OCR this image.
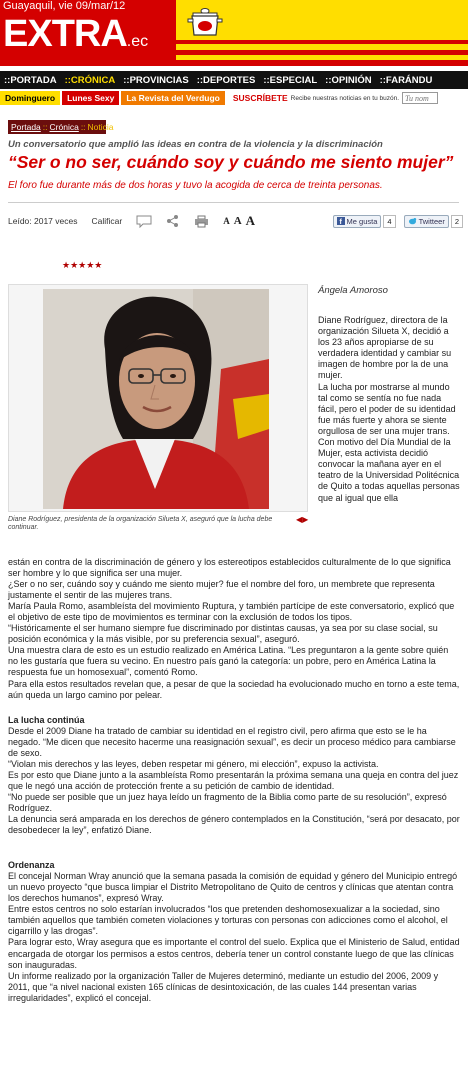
Guayaquil, vie 09/mar/12
EXTRA.ec
::PORTADA ::CRÓNICA ::PROVINCIAS ::DEPORTES ::ESPECIAL ::OPINIÓN ::FARÁNDU
Dominguero	Lunes Sexy	La Revista del Verdugo	SUSCRÍBETE Recibe nuestras noticias en tu buzón.
Tu nom
Portada :: Crónica :: Noticia
Un conversatorio que amplió las ideas en contra de la violencia y la discriminación
“Ser o no ser, cuándo soy y cuándo me siento mujer”
El foro fue durante más de dos horas y tuvo la acogida de cerca de treinta personas.
Leído: 2017 veces Calificar	A A A	f Me gusta	4	Twitteer	2
★★★★★
Diane Rodríguez, presidenta de la organización Silueta X, aseguró que la lucha debe continuar.
◀▶
Ángela Amoroso

Diane Rodríguez, directora de la organización Silueta X, decidió a los 23 años apropiarse de su verdadera identidad y cambiar su imagen de hombre por la de una mujer.

La lucha por mostrarse al mundo tal como se sentía no fue nada fácil, pero el poder de su identidad fue más fuerte y ahora se siente orgullosa de ser una mujer trans.

Con motivo del Día Mundial de la Mujer, esta activista decidió convocar la mañana ayer en el teatro de la Universidad Politécnica de Quito a todas aquellas personas que al igual que ella

están en contra de la discriminación de género y los estereotipos establecidos culturalmente de lo que significa ser hombre y lo que significa ser una mujer.

¿Ser o no ser, cuándo soy y cuándo me siento mujer? fue el nombre del foro, un membrete que representa justamente el sentir de las mujeres trans.

María Paula Romo, asambleísta del movimiento Ruptura, y también partícipe de este conversatorio, explicó que el objetivo de este tipo de movimientos es terminar con la exclusión de todos los tipos.

“Históricamente el ser humano siempre fue discriminado por distintas causas, ya sea por su clase social, su posición económica y la más visible, por su preferencia sexual”, aseguró.

Una muestra clara de esto es un estudio realizado en América Latina. “Les preguntaron a la gente sobre quién no les gustaría que fuera su vecino. En nuestro país ganó la categoría: un pobre, pero en América Latina la respuesta fue un homosexual”, comentó Romo.

Para ella estos resultados revelan que, a pesar de que la sociedad ha evolucionado mucho en torno a este tema, aún queda un largo camino por pelear.

La lucha continúa

Desde el 2009 Diane ha tratado de cambiar su identidad en el registro civil, pero afirma que esto se le ha negado. “Me dicen que necesito hacerme una reasignación sexual”, es decir un proceso médico para cambiarse de sexo.

“Violan mis derechos y las leyes, deben respetar mi género, mi elección”, expuso la activista.

Es por esto que Diane junto a la asambleísta Romo presentarán la próxima semana una queja en contra del juez que le negó una acción de protección frente a su petición de cambio de identidad.

“No puede ser posible que un juez haya leído un fragmento de la Biblia como parte de su resolución”, expresó Rodríguez.

La denuncia será amparada en los derechos de género contemplados en la Constitución, “será por desacato, por desobedecer la ley”, enfatizó Diane.

Ordenanza

El concejal Norman Wray anunció que la semana pasada la comisión de equidad y género del Municipio entregó un nuevo proyecto “que busca limpiar el Distrito Metropolitano de Quito de centros y clínicas que atentan contra los derechos humanos”, expresó Wray.

Entre estos centros no solo estarían involucrados “los que pretenden deshomosexualizar a la sociedad, sino también aquellos que también cometen violaciones y torturas con personas con adicciones como el alcohol, el cigarrillo y las drogas”.

Para lograr esto, Wray asegura que es importante el control del suelo. Explica que el Ministerio de Salud, entidad encargada de otorgar los permisos a estos centros, debería tener un control constante luego de que las clínicas son inauguradas.

Un informe realizado por la organización Taller de Mujeres determinó, mediante un estudio del 2006, 2009 y 2011, que “a nivel nacional existen 165 clínicas de desintoxicación, de las cuales 144 presentan varias irregularidades”, explicó el concejal.
